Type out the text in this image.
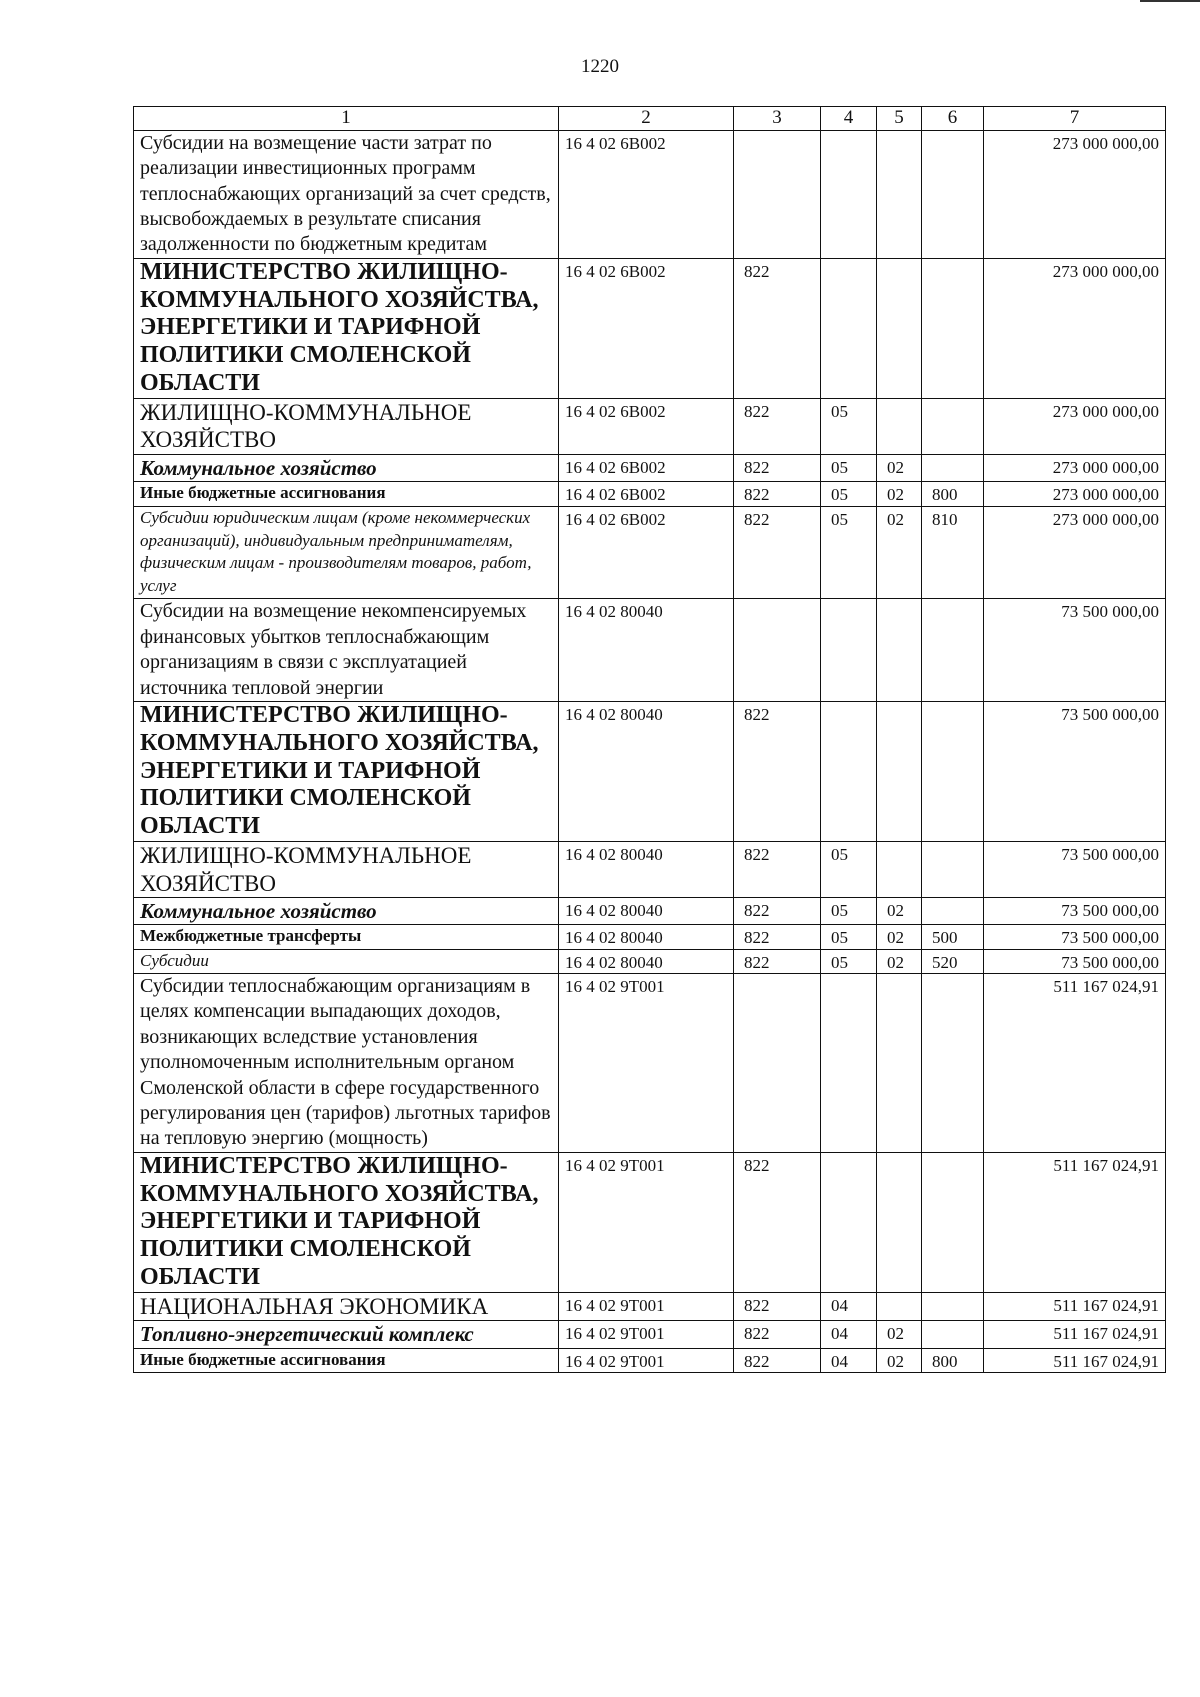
1220
1	2	3	4	5	6	7
Субсидии на возмещение части затрат по реализации инвестиционных программ теплоснабжающих организаций за счет средств, высвобождаемых в результате списания задолженности по бюджетным кредитам	16 4 02 6В002					273 000 000,00
МИНИСТЕРСТВО ЖИЛИЩНО-КОММУНАЛЬНОГО ХОЗЯЙСТВА, ЭНЕРГЕТИКИ И ТАРИФНОЙ ПОЛИТИКИ СМОЛЕНСКОЙ ОБЛАСТИ	16 4 02 6В002	822				273 000 000,00
ЖИЛИЩНО-КОММУНАЛЬНОЕ ХОЗЯЙСТВО	16 4 02 6В002	822	05			273 000 000,00
Коммунальное хозяйство	16 4 02 6В002	822	05	02		273 000 000,00
Иные бюджетные ассигнования	16 4 02 6В002	822	05	02	800	273 000 000,00
Субсидии юридическим лицам (кроме некоммерческих организаций), индивидуальным предпринимателям, физическим лицам - производителям товаров, работ, услуг	16 4 02 6В002	822	05	02	810	273 000 000,00
Субсидии на возмещение некомпенсируемых финансовых убытков теплоснабжающим организациям в связи с эксплуатацией источника тепловой энергии	16 4 02 80040					73 500 000,00
МИНИСТЕРСТВО ЖИЛИЩНО-КОММУНАЛЬНОГО ХОЗЯЙСТВА, ЭНЕРГЕТИКИ И ТАРИФНОЙ ПОЛИТИКИ СМОЛЕНСКОЙ ОБЛАСТИ	16 4 02 80040	822				73 500 000,00
ЖИЛИЩНО-КОММУНАЛЬНОЕ ХОЗЯЙСТВО	16 4 02 80040	822	05			73 500 000,00
Коммунальное хозяйство	16 4 02 80040	822	05	02		73 500 000,00
Межбюджетные трансферты	16 4 02 80040	822	05	02	500	73 500 000,00
Субсидии	16 4 02 80040	822	05	02	520	73 500 000,00
Субсидии теплоснабжающим организациям в целях компенсации выпадающих доходов, возникающих вследствие установления уполномоченным исполнительным органом Смоленской области в сфере государственного регулирования цен (тарифов) льготных тарифов на тепловую энергию (мощность)	16 4 02 9Т001					511 167 024,91
МИНИСТЕРСТВО ЖИЛИЩНО-КОММУНАЛЬНОГО ХОЗЯЙСТВА, ЭНЕРГЕТИКИ И ТАРИФНОЙ ПОЛИТИКИ СМОЛЕНСКОЙ ОБЛАСТИ	16 4 02 9Т001	822				511 167 024,91
НАЦИОНАЛЬНАЯ ЭКОНОМИКА	16 4 02 9Т001	822	04			511 167 024,91
Топливно-энергетический комплекс	16 4 02 9Т001	822	04	02		511 167 024,91
Иные бюджетные ассигнования	16 4 02 9Т001	822	04	02	800	511 167 024,91
